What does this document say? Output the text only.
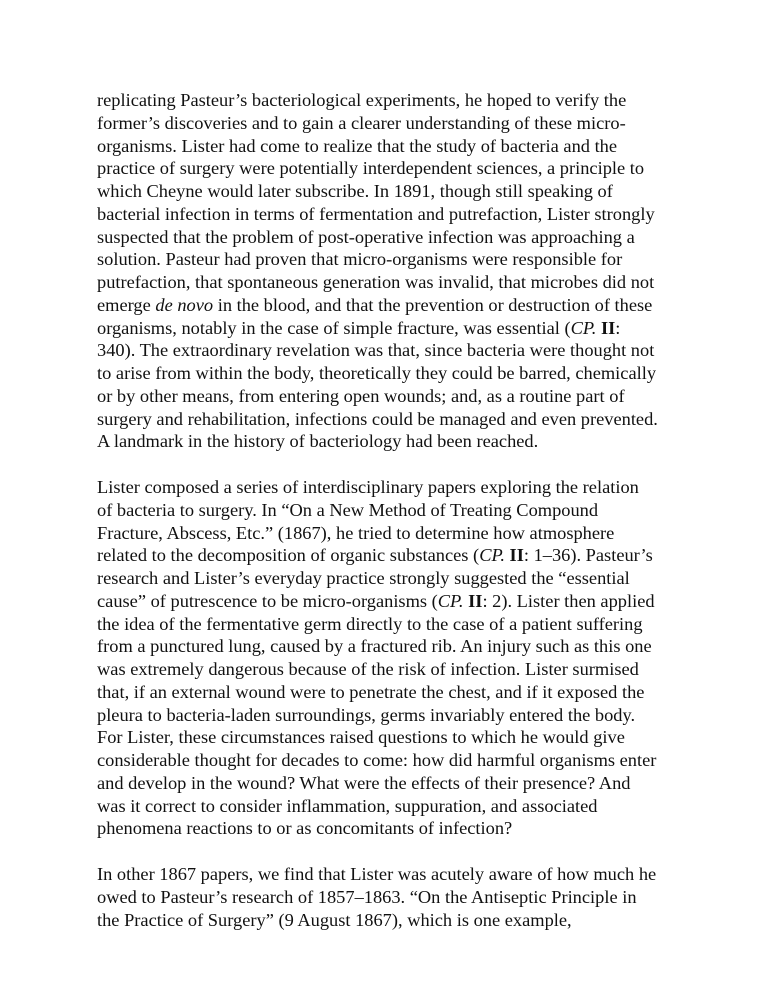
replicating Pasteur’s bacteriological experiments, he hoped to verify the
former’s discoveries and to gain a clearer understanding of these micro-
organisms. Lister had come to realize that the study of bacteria and the
practice of surgery were potentially interdependent sciences, a principle to
which Cheyne would later subscribe. In 1891, though still speaking of
bacterial infection in terms of fermentation and putrefaction, Lister strongly
suspected that the problem of post-operative infection was approaching a
solution. Pasteur had proven that micro-organisms were responsible for
putrefaction, that spontaneous generation was invalid, that microbes did not
emerge de novo in the blood, and that the prevention or destruction of these
organisms, notably in the case of simple fracture, was essential (CP. II:
340). The extraordinary revelation was that, since bacteria were thought not
to arise from within the body, theoretically they could be barred, chemically
or by other means, from entering open wounds; and, as a routine part of
surgery and rehabilitation, infections could be managed and even prevented.
A landmark in the history of bacteriology had been reached.

Lister composed a series of interdisciplinary papers exploring the relation
of bacteria to surgery. In “On a New Method of Treating Compound
Fracture, Abscess, Etc.” (1867), he tried to determine how atmosphere
related to the decomposition of organic substances (CP. II: 1–36). Pasteur’s
research and Lister’s everyday practice strongly suggested the “essential
cause” of putrescence to be micro-organisms (CP. II: 2). Lister then applied
the idea of the fermentative germ directly to the case of a patient suffering
from a punctured lung, caused by a fractured rib. An injury such as this one
was extremely dangerous because of the risk of infection. Lister surmised
that, if an external wound were to penetrate the chest, and if it exposed the
pleura to bacteria-laden surroundings, germs invariably entered the body.
For Lister, these circumstances raised questions to which he would give
considerable thought for decades to come: how did harmful organisms enter
and develop in the wound? What were the effects of their presence? And
was it correct to consider inflammation, suppuration, and associated
phenomena reactions to or as concomitants of infection?

In other 1867 papers, we find that Lister was acutely aware of how much he
owed to Pasteur’s research of 1857–1863. “On the Antiseptic Principle in
the Practice of Surgery” (9 August 1867), which is one example,
